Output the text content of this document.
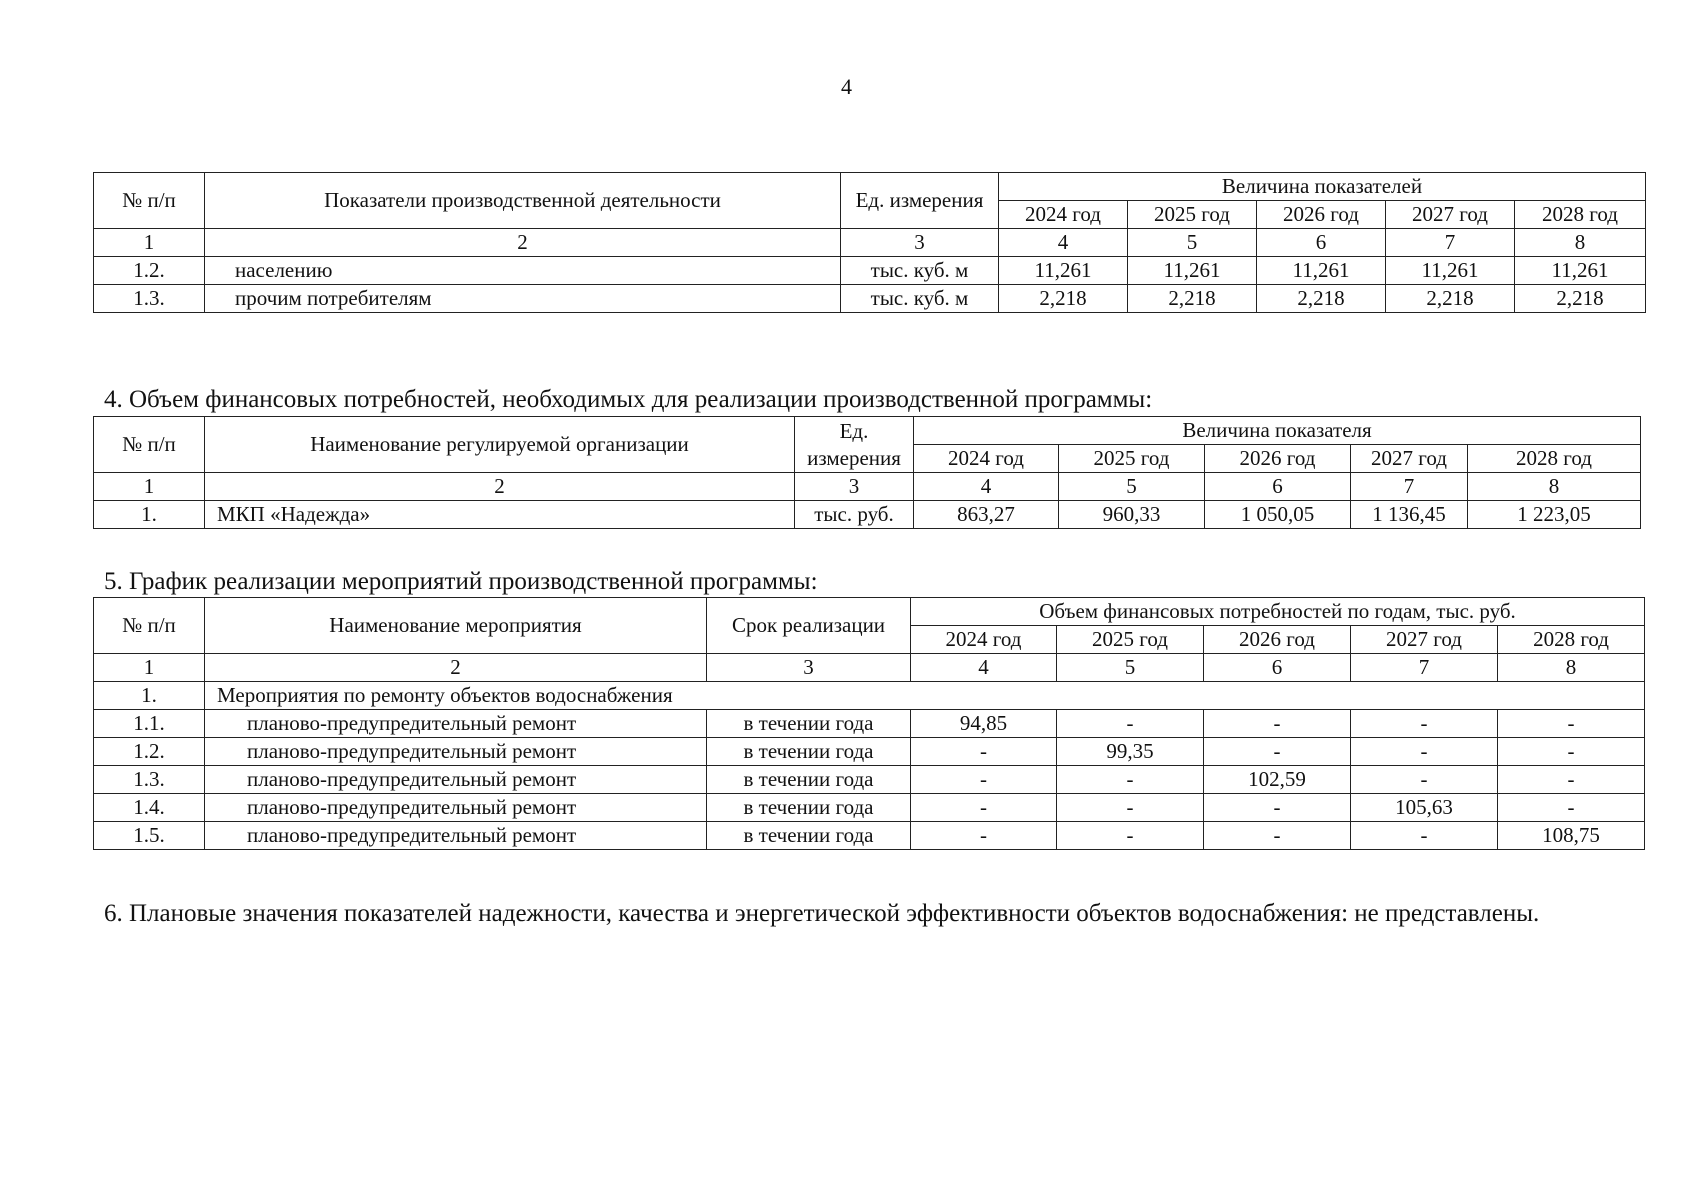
4
№ п/п	Показатели производственной деятельности	Ед. измерения	Величина показателей				
			2024 год	2025 год	2026 год	2027 год	2028 год
1	2	3	4	5	6	7	8
1.2.	населению	тыс. куб. м	11,261	11,261	11,261	11,261	11,261
1.3.	прочим потребителям	тыс. куб. м	2,218	2,218	2,218	2,218	2,218
4. Объем финансовых потребностей, необходимых для реализации производственной программы:
№ п/п	Наименование регулируемой организации	Ед. измерения	Величина показателя				
			2024 год	2025 год	2026 год	2027 год	2028 год
1	2	3	4	5	6	7	8
1.	МКП «Надежда»	тыс. руб.	863,27	960,33	1 050,05	1 136,45	1 223,05
5. График реализации мероприятий производственной программы:
№ п/п	Наименование мероприятия	Срок реализации	Объем финансовых потребностей по годам, тыс. руб.				
			2024 год	2025 год	2026 год	2027 год	2028 год
1	2	3	4	5	6	7	8
1.	Мероприятия по ремонту объектов водоснабжения						
1.1.	планово-предупредительный ремонт	в течении года	94,85	-	-	-	-
1.2.	планово-предупредительный ремонт	в течении года	-	99,35	-	-	-
1.3.	планово-предупредительный ремонт	в течении года	-	-	102,59	-	-
1.4.	планово-предупредительный ремонт	в течении года	-	-	-	105,63	-
1.5.	планово-предупредительный ремонт	в течении года	-	-	-	-	108,75
6. Плановые значения показателей надежности, качества и энергетической эффективности объектов водоснабжения: не представлены.
